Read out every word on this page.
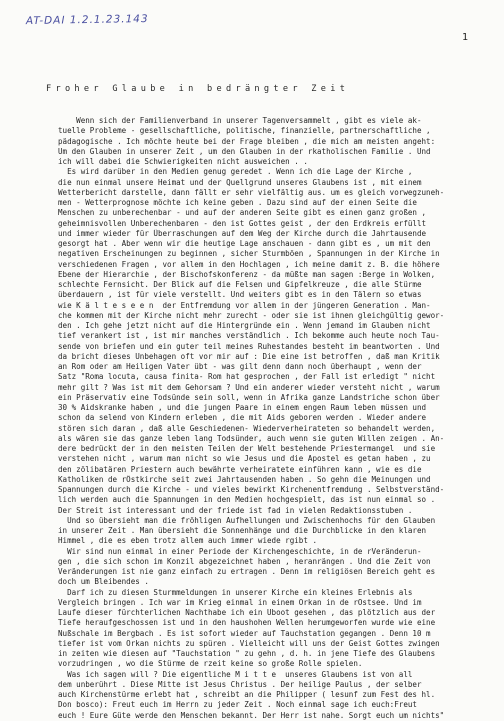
AT-DAI 1.2.1.23.143
1
Froher Glaube in bedrängter Zeit
Wenn sich der Familienverband in unserer Tagenversammelt , gibt es viele ak-
tuelle Probleme - gesellschaftliche, politische, finanzielle, partnerschaftliche ,
pädagogische . Ich möchte heute bei der Frage bleiben , die mich am meisten angeht:
Um den Glauben in unserer Zeit , um den Glauben in der rkatholischen Familie . Und
ich will dabei die Schwierigkeiten nicht ausweichen . .
Es wird darüber in den Medien genug geredet . Wenn ich die Lage der Kirche ,
die nun einmal unsere Heimat und der Quellgrund unseres Glaubens ist , mit einem
Wetterbericht darstelle, dann fällt er sehr vielfältig aus. um es gleich vorwegzuneh-
men - Wetterprognose möchte ich keine geben . Dazu sind auf der einen Seite die
Menschen zu unberechenbar - und auf der anderen Seite gibt es einen ganz großen ,
geheimnisvollen Unberechenbaren - den ist Gottes geist , der den Erdkreis erfüllt
und immer wieder für Überraschungen auf dem Weg der Kirche durch die Jahrtausende
gesorgt hat . Aber wenn wir die heutige Lage anschauen - dann gibt es , um mit den
negativen Erscheinungen zu beginnen , sicher Sturmböen , Spannungen in der Kirche in
verschiedenen Fragen , vor allem in den Hochlagen , ich meine damit z. B. die höhere
Ebene der Hierarchie , der Bischofskonferenz - da müßte man sagen :Berge in Wolken,
schlechte Fernsicht. Der Blick auf die Felsen und Gipfelkreuze , die alle Stürme
überdauern , ist für viele verstellt. Und weiters gibt es in den Tälern so etwas
wie K ä l t e s e e n  der Entfremdung vor allem in der jüngeren Generation . Man-
che kommen mit der Kirche nicht mehr zurecht - oder sie ist ihnen gleichgültig gewor-
den . Ich gehe jetzt nicht auf die Hintergründe ein . Wenn jemand im Glauben nicht
tief verankert ist , ist mir manches verständlich . Ich bekomme auch heute noch Tau-
sende von briefen und ein guter teil meines Ruhestandes besteht im beantworten . Und
da bricht dieses Unbehagen oft vor mir auf : Die eine ist betroffen , daß man Kritik
an Rom oder am Heiligen Vater übt - was gilt denn dann noch überhaupt , wenn der
Satz "Roma locuta, causa finita- Rom hat gesprochen , der Fall ist erledigt " nicht
mehr gilt ? Was ist mit dem Gehorsam ? Und ein anderer wieder versteht nicht , warum
ein Präservativ eine Todsünde sein soll, wenn in Afrika ganze Landstriche schon über
30 % Aidskranke haben , und die jungen Paare in einem engen Raum leben müssen und
schon da selend von Kindern erleben , die mit Aids geboren werden . Wieder andere
stören sich daran , daß alle Geschiedenen- Wiederverheirateten so behandelt werden,
als wären sie das ganze leben lang Todsünder, auch wenn sie guten Willen zeigen . An-
dere bedrückt der in den meisten Teilen der Welt bestehende Priestermangel  und sie
verstehen nicht , warum man nicht so wie Jesus und die Apostel es getan haben , zu
den zölibatären Priestern auch bewährte verheiratete einführen kann , wie es die
Katholiken de rÖstkirche seit zwei Jahrtausenden haben . So gehn die Meinungen und
Spannungen durch die Kirche - und vieles bewirkt Kirchenentfremdung . Selbstverständ-
lich werden auch die Spannungen in den Medien hochgespielt, das ist nun einmal so .
Der Streit ist interessant und der friede ist fad in vielen Redaktionsstuben .
Und so übersieht man die fröhligen Aufhellungen und Zwischenhochs für den Glauben
in unserer Zeit . Man übersieht die Sonnenhänge und die Durchblicke in den klaren
Himmel , die es eben trotz allem auch immer wiede rgibt .
Wir sind nun einmal in einer Periode der Kirchengeschichte, in de rVeränderun-
gen , die sich schon im Konzil abgezeichnet haben , heranrängen . Und die Zeit von
Veränderungen ist nie ganz einfach zu ertragen . Denn im religiösen Bereich geht es
doch um Bleibendes .
Darf ich zu diesen Sturmmeldungen in unserer Kirche ein kleines Erlebnis als
Vergleich bringen . Ich war im Krieg einmal in einem Orkan in de rOstsee. Und im
Laufe dieser fürchterlichen Nachthabe ich ein Uboot gesehen , das plötzlich aus der
Tiefe heraufgeschossen ist und in den haushohen Wellen herumgeworfen wurde wie eine
Nußschale im Bergbach . Es ist sofort wieder auf Tauchstation gegangen . Denn 10 m
tiefer ist vom Orkan nichts zu spüren . Vielleicht will uns der Geist Gottes zwingen
in zeiten wie diesen auf "Tauchstation " zu gehn , d. h. in jene Tiefe des Glaubens
vorzudringen , wo die Stürme de rzeit keine so große Rolle spielen.
Was ich sagen will ? Die eigentliche M i t t e  unseres Glaubens ist von all
dem unberührt . Diese Mitte ist Jesus Christus . Der heilige Paulus , der selber
auch Kirchenstürme erlebt hat , schreibt an die Philipper ( lesunf zum Fest des hl.
Don bosco): Freut euch im Herrn zu jeder Zeit . Noch einmal sage ich euch:Freut
euch ! Eure Güte werde den Menschen bekannt. Der Herr ist nahe. Sorgt euch um nichts"
